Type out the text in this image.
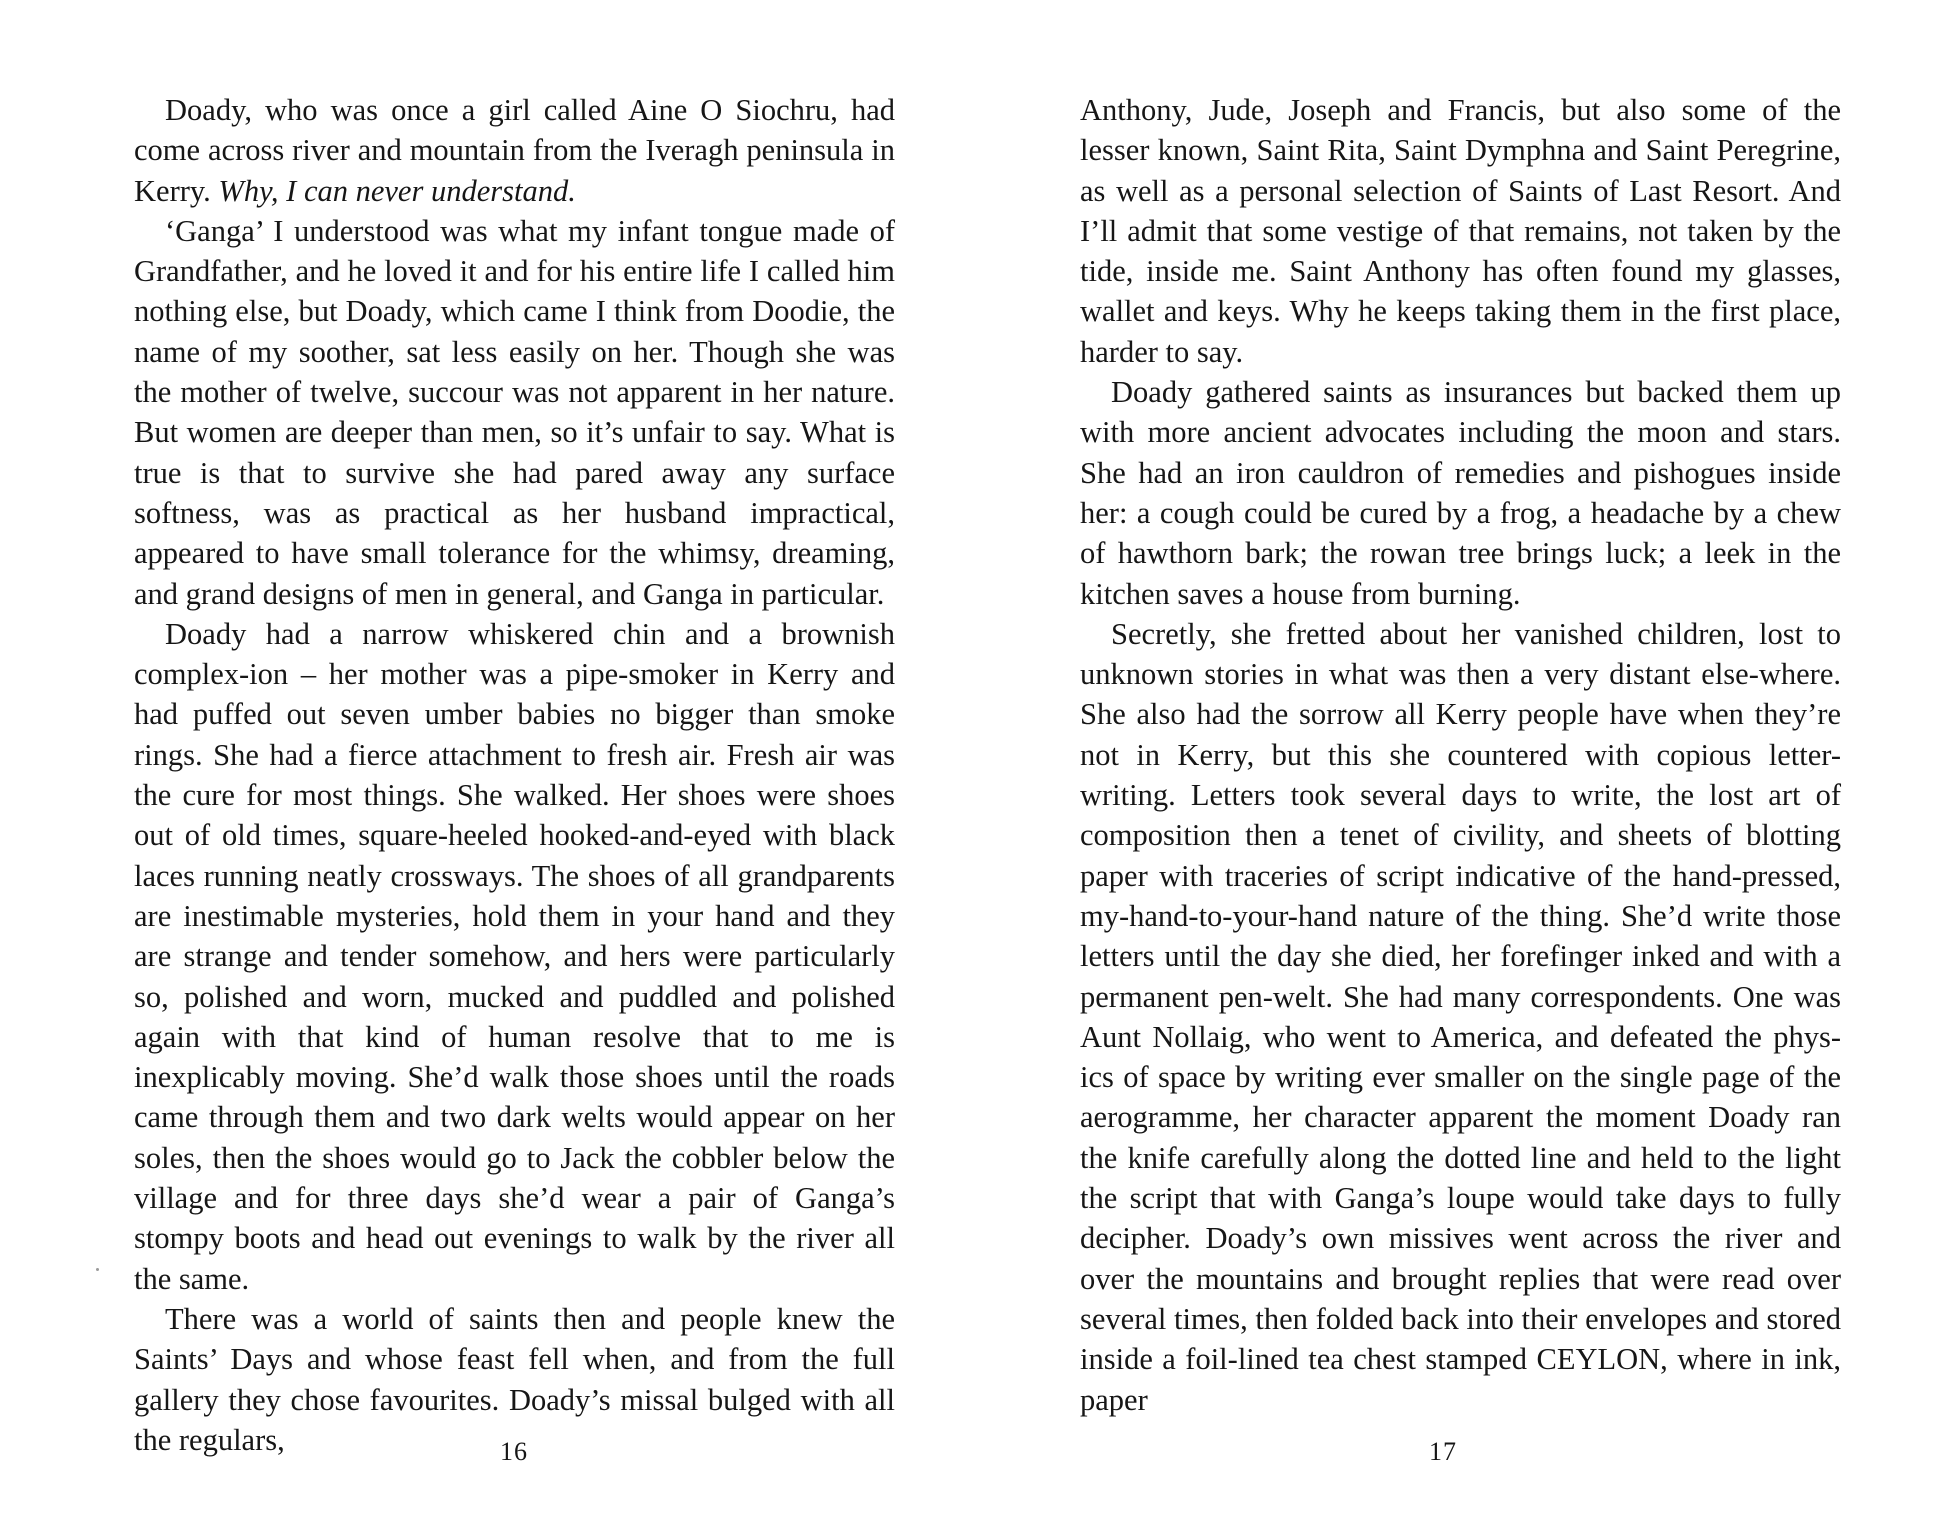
Doady, who was once a girl called Aine O Siochru, had come across river and mountain from the Iveragh peninsula in Kerry. Why, I can never understand.

‘Ganga’ I understood was what my infant tongue made of Grandfather, and he loved it and for his entire life I called him nothing else, but Doady, which came I think from Doodie, the name of my soother, sat less easily on her. Though she was the mother of twelve, succour was not apparent in her nature. But women are deeper than men, so it’s unfair to say. What is true is that to survive she had pared away any surface softness, was as practical as her husband impractical, appeared to have small tolerance for the whimsy, dreaming, and grand designs of men in general, and Ganga in particular.

Doady had a narrow whiskered chin and a brownish complex-ion – her mother was a pipe-smoker in Kerry and had puffed out seven umber babies no bigger than smoke rings. She had a fierce attachment to fresh air. Fresh air was the cure for most things. She walked. Her shoes were shoes out of old times, square-heeled hooked-and-eyed with black laces running neatly crossways. The shoes of all grandparents are inestimable mysteries, hold them in your hand and they are strange and tender somehow, and hers were particularly so, polished and worn, mucked and puddled and polished again with that kind of human resolve that to me is inexplicably moving. She’d walk those shoes until the roads came through them and two dark welts would appear on her soles, then the shoes would go to Jack the cobbler below the village and for three days she’d wear a pair of Ganga’s stompy boots and head out evenings to walk by the river all the same.

There was a world of saints then and people knew the Saints’ Days and whose feast fell when, and from the full gallery they chose favourites. Doady’s missal bulged with all the regulars,	16

Anthony, Jude, Joseph and Francis, but also some of the lesser known, Saint Rita, Saint Dymphna and Saint Peregrine, as well as a personal selection of Saints of Last Resort. And I’ll admit that some vestige of that remains, not taken by the tide, inside me. Saint Anthony has often found my glasses, wallet and keys. Why he keeps taking them in the first place, harder to say.

Doady gathered saints as insurances but backed them up with more ancient advocates including the moon and stars. She had an iron cauldron of remedies and pishogues inside her: a cough could be cured by a frog, a headache by a chew of hawthorn bark; the rowan tree brings luck; a leek in the kitchen saves a house from burning.

Secretly, she fretted about her vanished children, lost to unknown stories in what was then a very distant else-where. She also had the sorrow all Kerry people have when they’re not in Kerry, but this she countered with copious letter-writing. Letters took several days to write, the lost art of composition then a tenet of civility, and sheets of blotting paper with traceries of script indicative of the hand-pressed, my-hand-to-your-hand nature of the thing. She’d write those letters until the day she died, her forefinger inked and with a permanent pen-welt. She had many correspondents. One was Aunt Nollaig, who went to America, and defeated the phys-ics of space by writing ever smaller on the single page of the aerogramme, her character apparent the moment Doady ran the knife carefully along the dotted line and held to the light the script that with Ganga’s loupe would take days to fully decipher. Doady’s own missives went across the river and over the mountains and brought replies that were read over several times, then folded back into their envelopes and stored inside a foil-lined tea chest stamped CEYLON, where in ink, paper

17
